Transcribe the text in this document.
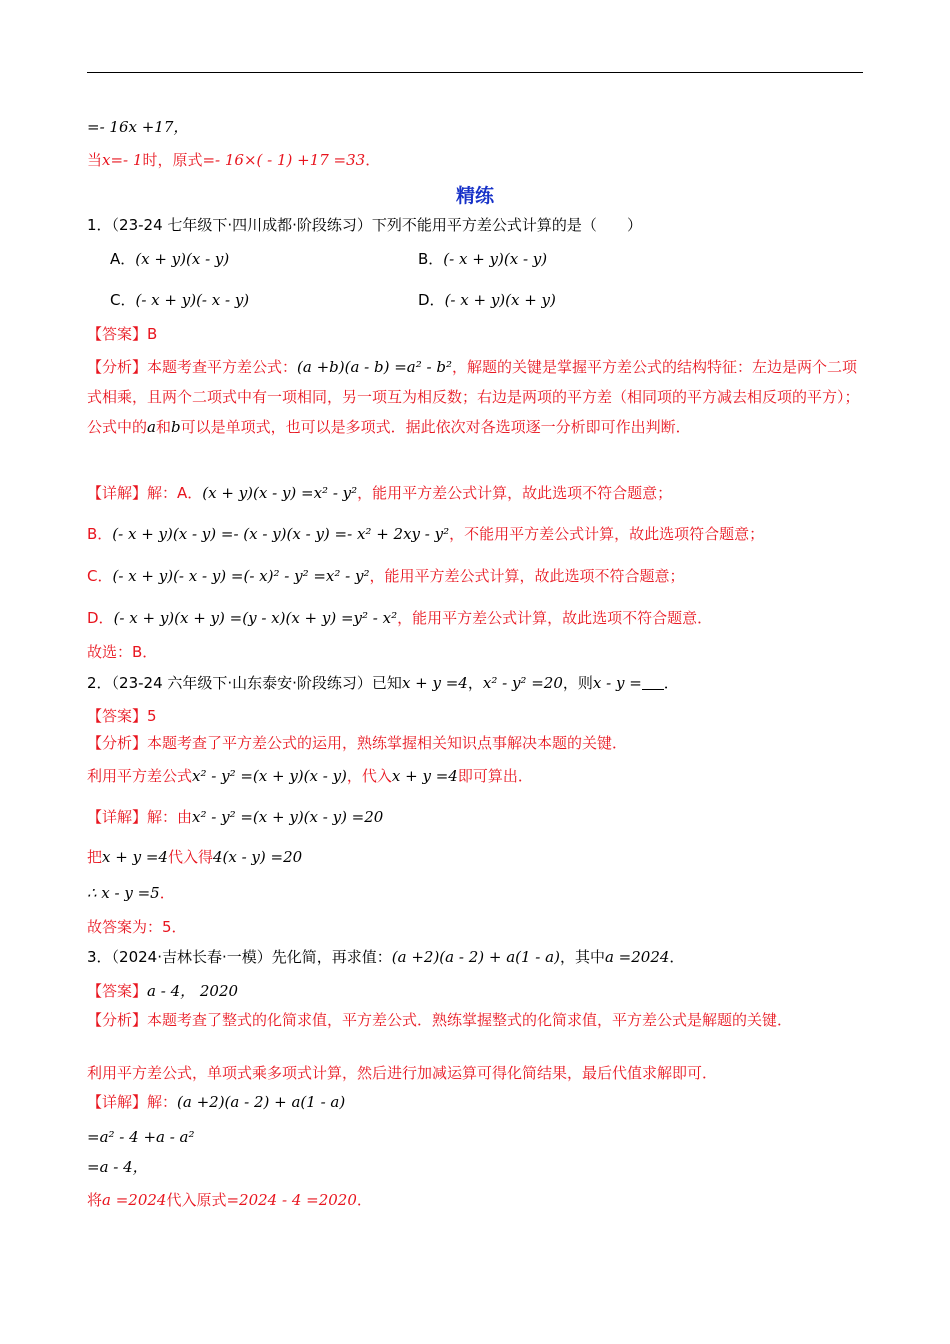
=- 16x +17，
当x=- 1时，原式=- 16×( - 1) +17 =33．
精练
1．（23-24 七年级下·四川成都·阶段练习）下列不能用平方差公式计算的是（　　）
A．(x + y)(x - y)	B．(- x + y)(x - y)
C．(- x + y)(- x - y)	D．(- x + y)(x + y)
【答案】B
【分析】本题考查平方差公式：(a +b)(a - b) =a² - b²，解题的关键是掌握平方差公式的结构特征：左边是两个二项式相乘，且两个二项式中有一项相同，另一项互为相反数；右边是两项的平方差（相同项的平方减去相反项的平方）；公式中的a和b可以是单项式，也可以是多项式．据此依次对各选项逐一分析即可作出判断．
【详解】解：A．(x + y)(x - y) =x² - y²，能用平方差公式计算，故此选项不符合题意；
B．(- x + y)(x - y) =- (x - y)(x - y) =- x² + 2xy - y²，不能用平方差公式计算，故此选项符合题意；
C．(- x + y)(- x - y) =(- x)² - y² =x² - y²，能用平方差公式计算，故此选项不符合题意；
D．(- x + y)(x + y) =(y - x)(x + y) =y² - x²，能用平方差公式计算，故此选项不符合题意．
故选：B．
2．（23-24 六年级下·山东泰安·阶段练习）已知x + y =4，x² - y² =20，则x - y = ．
【答案】5
【分析】本题考查了平方差公式的运用，熟练掌握相关知识点事解决本题的关键．
利用平方差公式x² - y² =(x + y)(x - y)，代入x + y =4即可算出．
【详解】解：由x² - y² =(x + y)(x - y) =20
把x + y =4代入得4(x - y) =20
∴ x - y =5．
故答案为：5．
3．（2024·吉林长春·一模）先化简，再求值：(a +2)(a - 2) + a(1 - a)，其中a =2024．
【答案】a - 4， 2020
【分析】本题考查了整式的化简求值，平方差公式．熟练掌握整式的化简求值，平方差公式是解题的关键．
利用平方差公式，单项式乘多项式计算，然后进行加减运算可得化简结果，最后代值求解即可．
【详解】解：(a +2)(a - 2) + a(1 - a)
=a² - 4 +a - a²
=a - 4，
将a =2024代入原式=2024 - 4 =2020．
